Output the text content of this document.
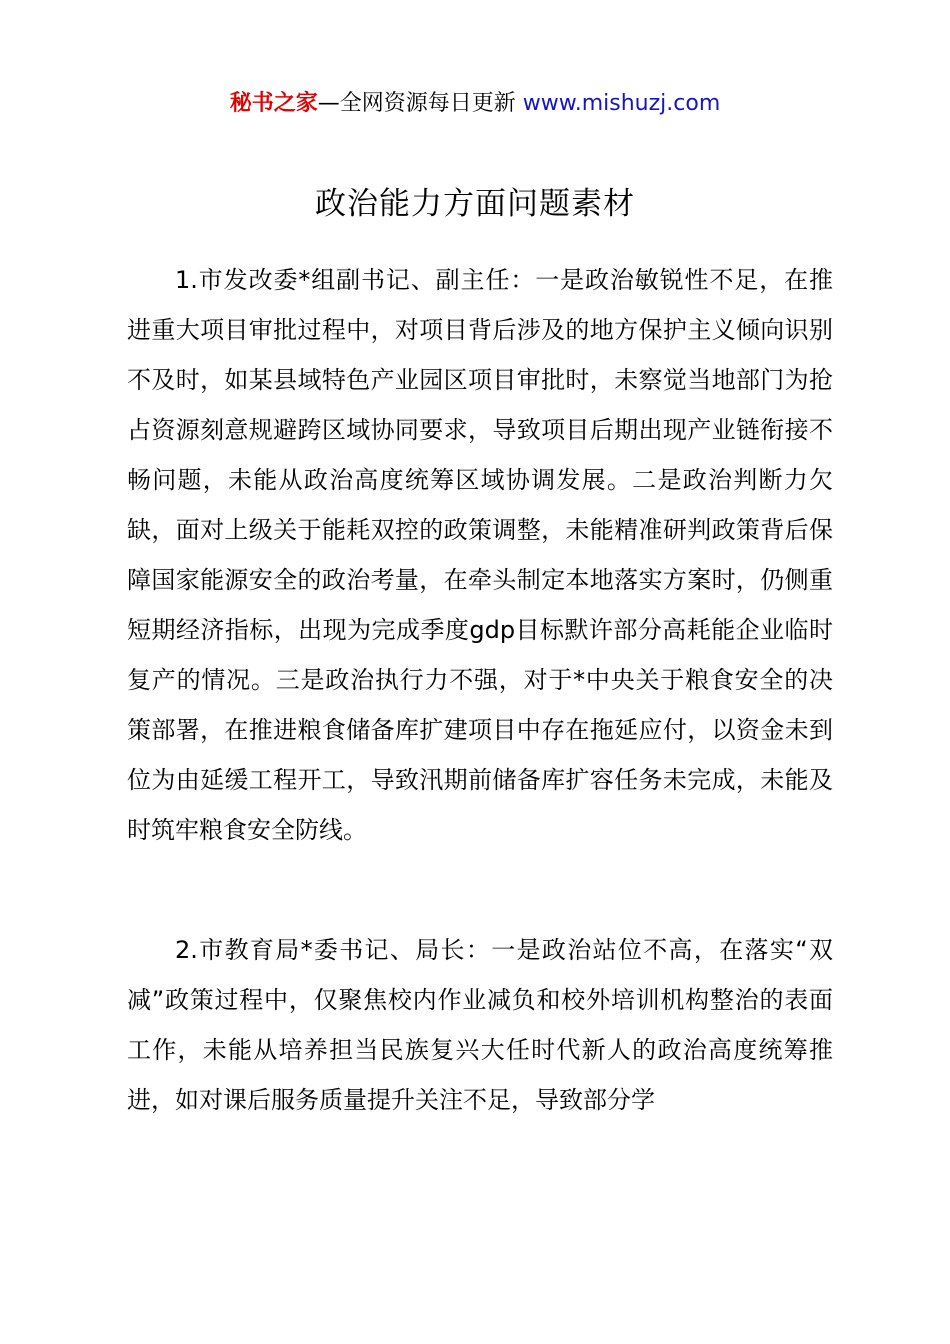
秘书之家—全网资源每日更新 www.mishuzj.com
政治能力方面问题素材

1.市发改委*组副书记、副主任：一是政治敏锐性不足，在推进重大项目审批过程中，对项目背后涉及的地方保护主义倾向识别不及时，如某县域特色产业园区项目审批时，未察觉当地部门为抢占资源刻意规避跨区域协同要求，导致项目后期出现产业链衔接不畅问题，未能从政治高度统筹区域协调发展。二是政治判断力欠缺，面对上级关于能耗双控的政策调整，未能精准研判政策背后保障国家能源安全的政治考量，在牵头制定本地落实方案时，仍侧重短期经济指标，出现为完成季度gdp目标默许部分高耗能企业临时复产的情况。三是政治执行力不强，对于*中央关于粮食安全的决策部署，在推进粮食储备库扩建项目中存在拖延应付，以资金未到位为由延缓工程开工，导致汛期前储备库扩容任务未完成，未能及时筑牢粮食安全防线。

2.市教育局*委书记、局长：一是政治站位不高，在落实“双减”政策过程中，仅聚焦校内作业减负和校外培训机构整治的表面工作，未能从培养担当民族复兴大任时代新人的政治高度统筹推进，如对课后服务质量提升关注不足，导致部分学
